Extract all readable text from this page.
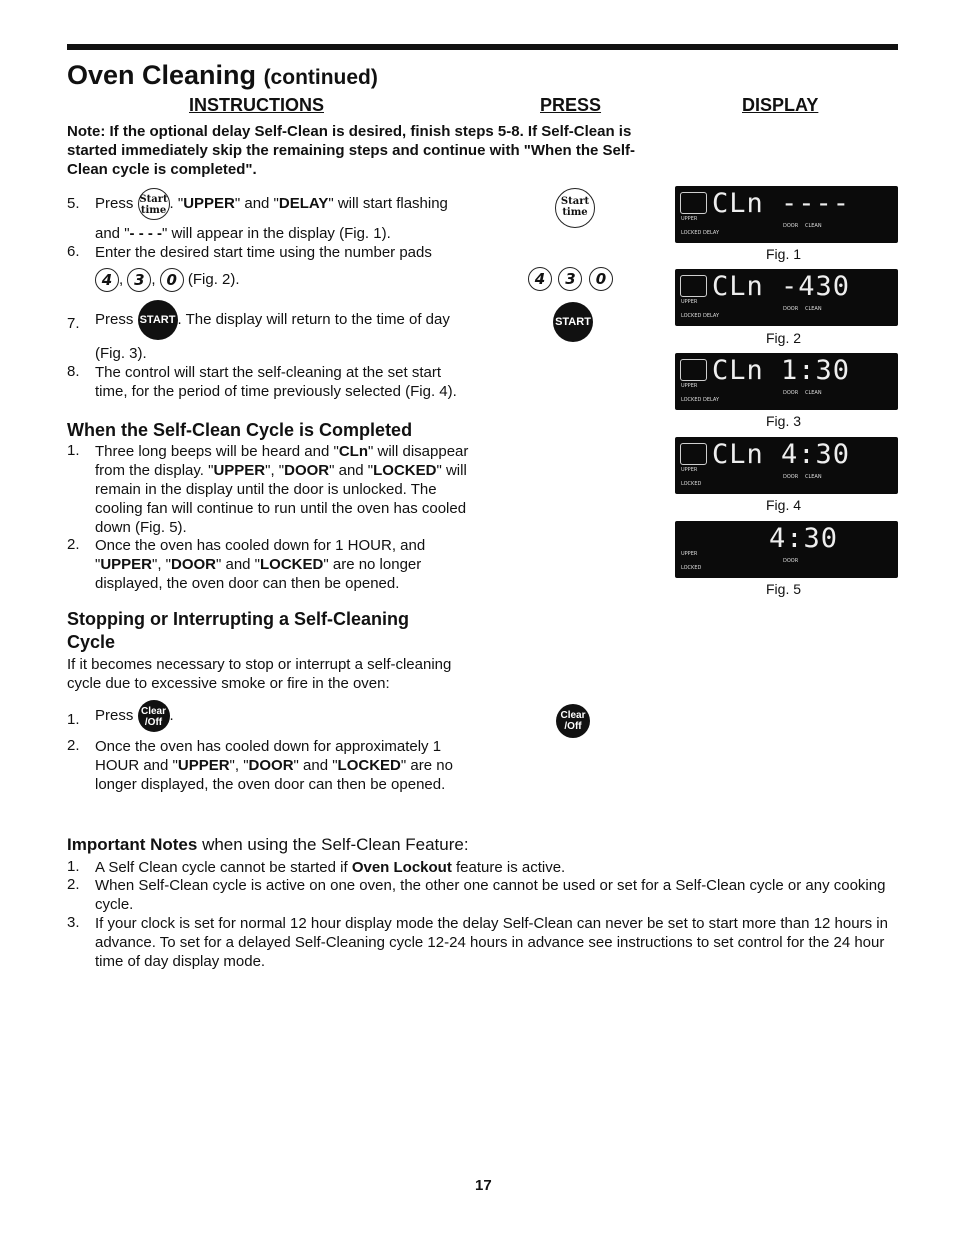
Oven Cleaning (continued)
INSTRUCTIONS	PRESS	DISPLAY
Note: If the optional delay Self-Clean is desired, finish steps 5-8. If Self-Clean is started immediately skip the remaining steps and continue with "When the Self-Clean cycle is completed".
5. Press Start
time . "UPPER" and "DELAY" will start flashing
and "- - - -" will appear in the display (Fig. 1).
6. Enter the desired start time using the number pads
4 , 3 , 0 (Fig. 2).
7. Press START . The display will return to the time of day
(Fig. 3).
8. The control will start the self-cleaning at the set start time, for the period of time previously selected (Fig. 4).
Start
time
4 3 0
START
Clear
/Off
When the Self-Clean Cycle is Completed
1. Three long beeps will be heard and "CLn" will disappear from the display. "UPPER", "DOOR" and "LOCKED" will remain in the display until the door is unlocked. The cooling fan will continue to run until the oven has cooled down (Fig. 5).
2. Once the oven has cooled down for 1 HOUR, and "UPPER", "DOOR" and "LOCKED" are no longer displayed, the oven door can then be opened.
Stopping or Interrupting a Self-Cleaning Cycle
If it becomes necessary to stop or interrupt a self-cleaning cycle due to excessive smoke or fire in the oven:
1. Press Clear
/Off .
2. Once the oven has cooled down for approximately 1 HOUR and "UPPER", "DOOR" and "LOCKED" are no longer displayed, the oven door can then be opened.
Important Notes when using the Self-Clean Feature:
1. A Self Clean cycle cannot be started if Oven Lockout feature is active.
2. When Self-Clean cycle is active on one oven, the other one cannot be used or set for a Self-Clean cycle or any cooking cycle.
3. If your clock is set for normal 12 hour display mode the delay Self-Clean can never be set to start more than 12 hours in advance. To set for a delayed Self-Cleaning cycle 12-24 hours in advance see instructions to set control for the 24 hour time of day display mode.
CLn ----
UPPER
LOCKED DELAY
DOOR CLEAN
Fig. 1
CLn -430
UPPER
LOCKED DELAY
DOOR CLEAN
Fig. 2
CLn 1:30
UPPER
LOCKED DELAY
DOOR CLEAN
Fig. 3
CLn 4:30
UPPER
LOCKED
DOOR CLEAN
Fig. 4
4:30
UPPER
LOCKED
DOOR
Fig. 5
17
